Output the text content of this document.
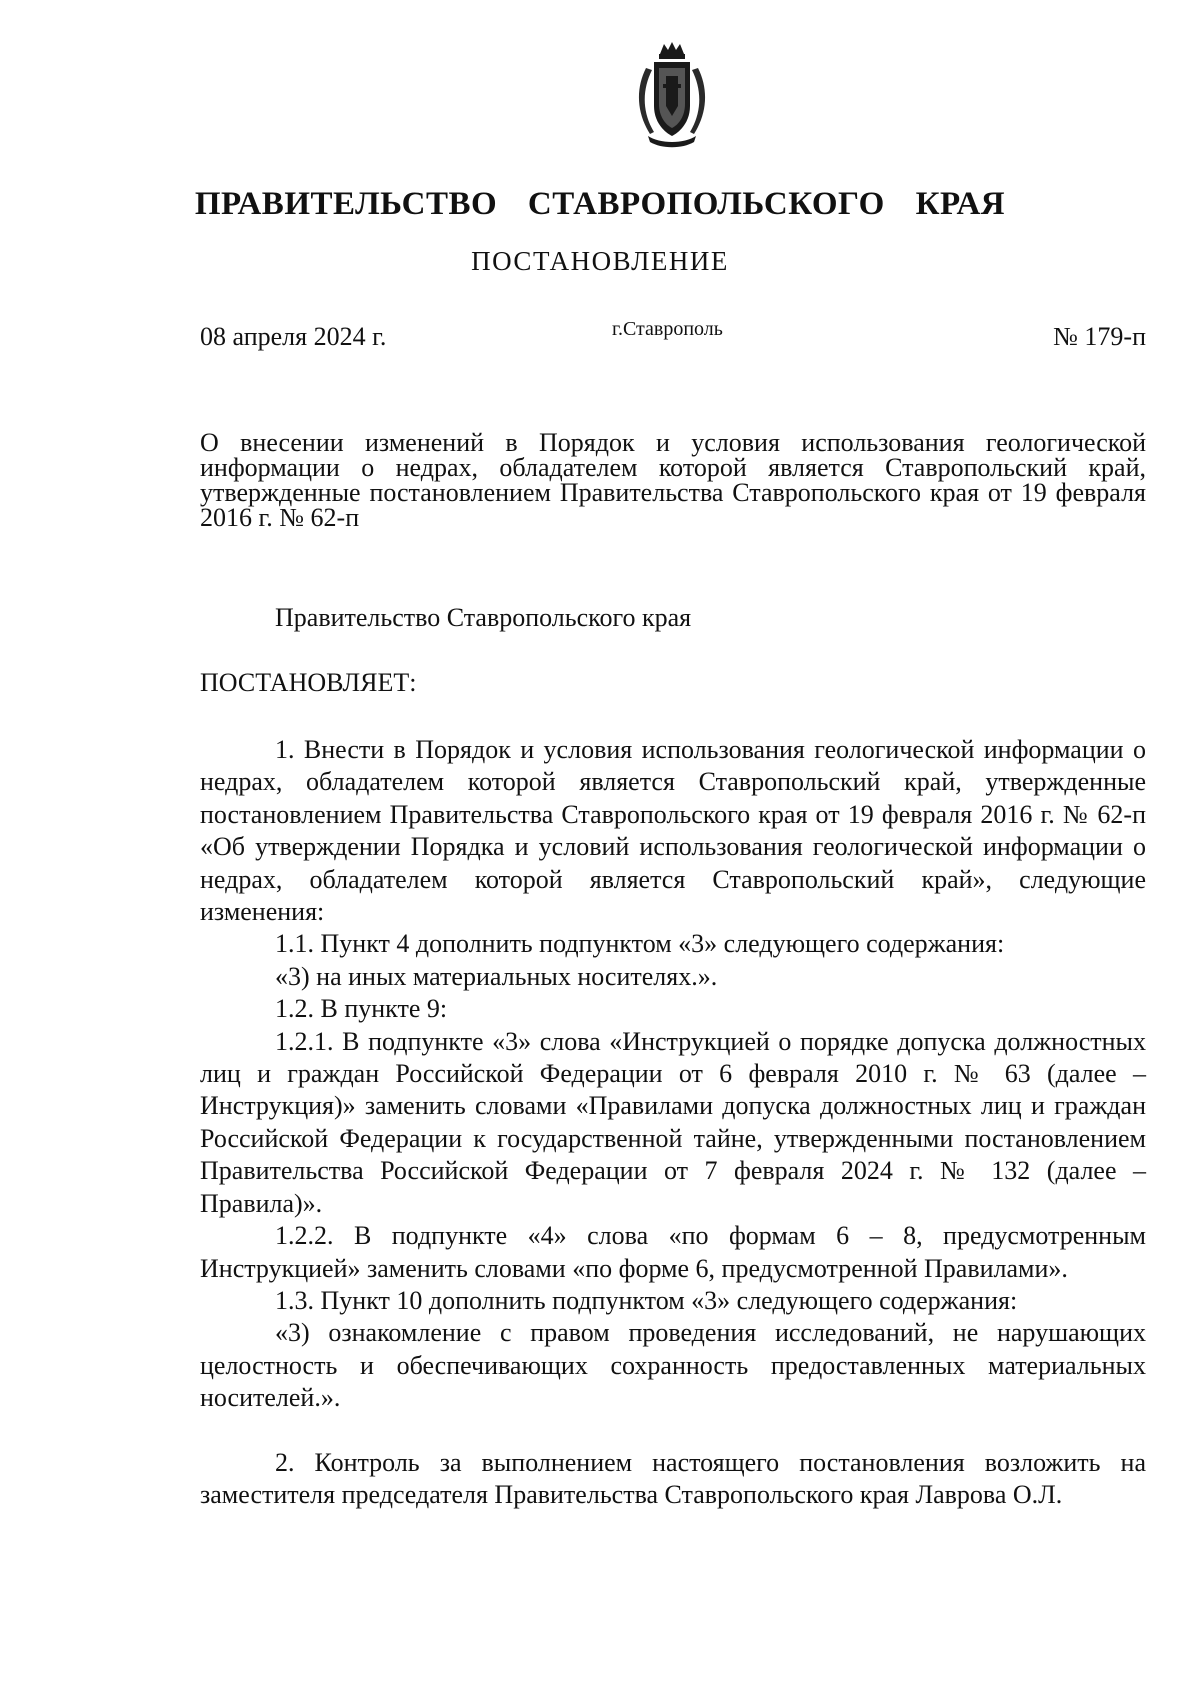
ПРАВИТЕЛЬСТВО СТАВРОПОЛЬСКОГО КРАЯ
ПОСТАНОВЛЕНИЕ
08 апреля 2024 г.	г.Ставрополь	№ 179-п
О внесении изменений в Порядок и условия использования геологической информации о недрах, обладателем которой является Ставропольский край, утвержденные постановлением Правительства Ставропольского края от 19 февраля 2016 г. № 62-п
Правительство Ставропольского края
ПОСТАНОВЛЯЕТ:

1. Внести в Порядок и условия использования геологической информации о недрах, обладателем которой является Ставропольский край, утвержденные постановлением Правительства Ставропольского края от 19 февраля 2016 г. № 62-п «Об утверждении Порядка и условий использования геологической информации о недрах, обладателем которой является Ставропольский край», следующие изменения:

1.1. Пункт 4 дополнить подпунктом «3» следующего содержания:

«3) на иных материальных носителях.».

1.2. В пункте 9:

1.2.1. В подпункте «3» слова «Инструкцией о порядке допуска должностных лиц и граждан Российской Федерации от 6 февраля 2010 г. № 63 (далее – Инструкция)» заменить словами «Правилами допуска должностных лиц и граждан Российской Федерации к государственной тайне, утвержденными постановлением Правительства Российской Федерации от 7 февраля 2024 г. № 132 (далее – Правила)».

1.2.2. В подпункте «4» слова «по формам 6 – 8, предусмотренным Инструкцией» заменить словами «по форме 6, предусмотренной Правилами».

1.3. Пункт 10 дополнить подпунктом «3» следующего содержания:

«3) ознакомление с правом проведения исследований, не нарушающих целостность и обеспечивающих сохранность предоставленных материальных носителей.».

2. Контроль за выполнением настоящего постановления возложить на заместителя председателя Правительства Ставропольского края Лаврова О.Л.
